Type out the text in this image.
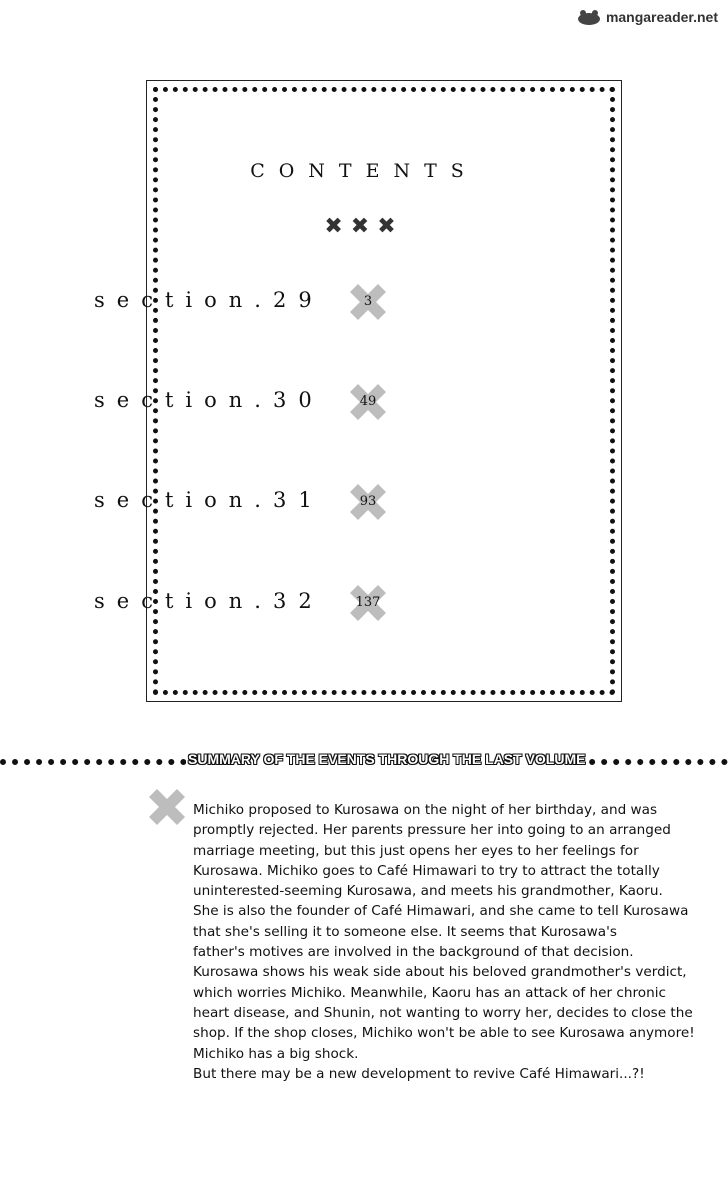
mangareader.net
CONTENTS
✖✖✖
section.29	3
section.30	49
section.31	93
section.32	137
SUMMARY OF THE EVENTS THROUGH THE LAST VOLUME
Michiko proposed to Kurosawa on the night of her birthday, and was
promptly rejected. Her parents pressure her into going to an arranged
marriage meeting, but this just opens her eyes to her feelings for
Kurosawa. Michiko goes to Café Himawari to try to attract the totally
uninterested-seeming Kurosawa, and meets his grandmother, Kaoru.
She is also the founder of Café Himawari, and she came to tell Kurosawa
that she's selling it to someone else. It seems that Kurosawa's
father's motives are involved in the background of that decision.
Kurosawa shows his weak side about his beloved grandmother's verdict,
which worries Michiko. Meanwhile, Kaoru has an attack of her chronic
heart disease, and Shunin, not wanting to worry her, decides to close the
shop. If the shop closes, Michiko won't be able to see Kurosawa anymore!
Michiko has a big shock.
But there may be a new development to revive Café Himawari...?!
